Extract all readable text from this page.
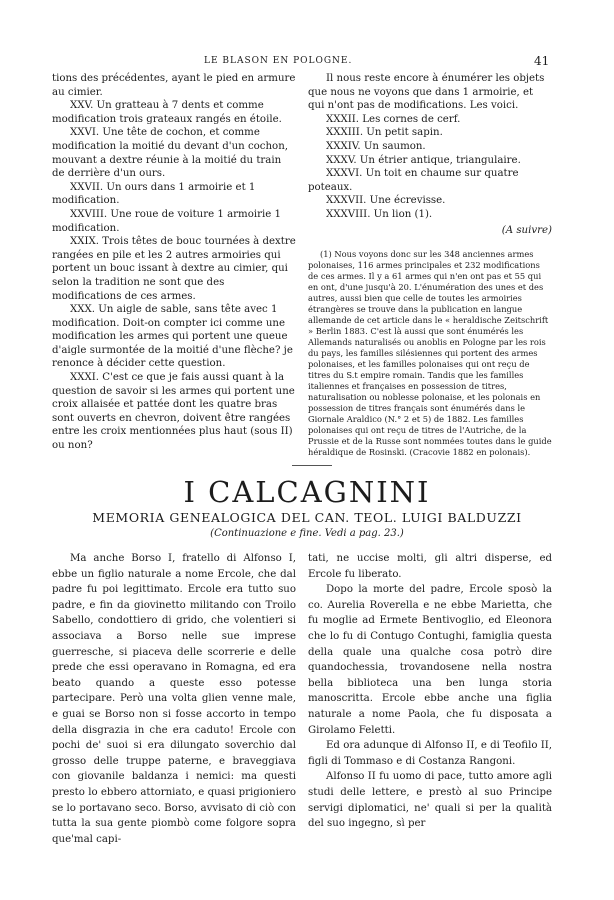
LE BLASON EN POLOGNE.	41

tions des précédentes, ayant le pied en armure au cimier.

XXV. Un gratteau à 7 dents et comme modification trois grateaux rangés en étoile.

XXVI. Une tête de cochon, et comme modification la moitié du devant d'un cochon, mouvant a dextre réunie à la moitié du train de derrière d'un ours.

XXVII. Un ours dans 1 armoirie et 1 modification.

XXVIII. Une roue de voiture 1 armoirie 1 modification.

XXIX. Trois têtes de bouc tournées à dextre rangées en pile et les 2 autres armoiries qui portent un bouc issant à dextre au cimier, qui selon la tradition ne sont que des modifications de ces armes.

XXX. Un aigle de sable, sans tête avec 1 modification. Doit-on compter ici comme une modification les armes qui portent une queue d'aigle surmontée de la moitié d'une flèche? je renonce à décider cette question.

XXXI. C'est ce que je fais aussi quant à la question de savoir si les armes qui portent une croix allaisée et pattée dont les quatre bras sont ouverts en chevron, doivent être rangées entre les croix mentionnées plus haut (sous II) ou non?

Il nous reste encore à énumérer les objets que nous ne voyons que dans 1 armoirie, et qui n'ont pas de modifications. Les voici.

XXXII. Les cornes de cerf.

XXXIII. Un petit sapin.

XXXIV. Un saumon.

XXXV. Un étrier antique, triangulaire.

XXXVI. Un toit en chaume sur quatre poteaux.

XXXVII. Une écrevisse.

XXXVIII. Un lion (1).

(A suivre)

(1) Nous voyons donc sur les 348 anciennes armes polonaises, 116 armes principales et 232 modifications de ces armes. Il y a 61 armes qui n'en ont pas et 55 qui en ont, d'une jusqu'à 20. L'énumération des unes et des autres, aussi bien que celle de toutes les armoiries étrangères se trouve dans la publication en langue allemande de cet article dans le « heraldische Zeitschrift » Berlin 1883. C'est là aussi que sont énumérés les Allemands naturalisés ou anoblis en Pologne par les rois du pays, les familles silésiennes qui portent des armes polonaises, et les familles polonaises qui ont reçu de titres du S.t empire romain. Tandis que les familles italiennes et françaises en possession de titres, naturalisation ou noblesse polonaise, et les polonais en possession de titres français sont énumérés dans le Giornale Araldico (N.° 2 et 5) de 1882. Les familles polonaises qui ont reçu de titres de l'Autriche, de la Prussie et de la Russe sont nommées toutes dans le guide héraldique de Rosinski. (Cracovie 1882 en polonais).

I CALCAGNINI
MEMORIA GENEALOGICA DEL CAN. TEOL. LUIGI BALDUZZI
(Continuazione e fine. Vedi a pag. 23.)

Ma anche Borso I, fratello di Alfonso I, ebbe un figlio naturale a nome Ercole, che dal padre fu poi legittimato. Ercole era tutto suo padre, e fin da giovinetto militando con Troilo Sabello, condottiero di grido, che volentieri si associava a Borso nelle sue imprese guerresche, si piaceva delle scorrerie e delle prede che essi operavano in Romagna, ed era beato quando a queste esso potesse partecipare. Però una volta glien venne male, e guai se Borso non si fosse accorto in tempo della disgrazia in che era caduto! Ercole con pochi de' suoi si era dilungato soverchio dal grosso delle truppe paterne, e braveggiava con giovanile baldanza i nemici: ma questi presto lo ebbero attorniato, e quasi prigioniero se lo portavano seco. Borso, avvisato di ciò con tutta la sua gente piombò come folgore sopra que'mal capi-

tati, ne uccise molti, gli altri disperse, ed Ercole fu liberato.

Dopo la morte del padre, Ercole sposò la co. Aurelia Roverella e ne ebbe Marietta, che fu moglie ad Ermete Bentivoglio, ed Eleonora che lo fu di Contugo Contughi, famiglia questa della quale una qualche cosa potrò dire quandochessia, trovandosene nella nostra bella biblioteca una ben lunga storia manoscritta. Ercole ebbe anche una figlia naturale a nome Paola, che fu disposata a Girolamo Feletti.

Ed ora adunque di Alfonso II, e di Teofilo II, figli di Tommaso e di Costanza Rangoni.

Alfonso II fu uomo di pace, tutto amore agli studi delle lettere, e prestò al suo Principe servigi diplomatici, ne' quali si per la qualità del suo ingegno, sì per
